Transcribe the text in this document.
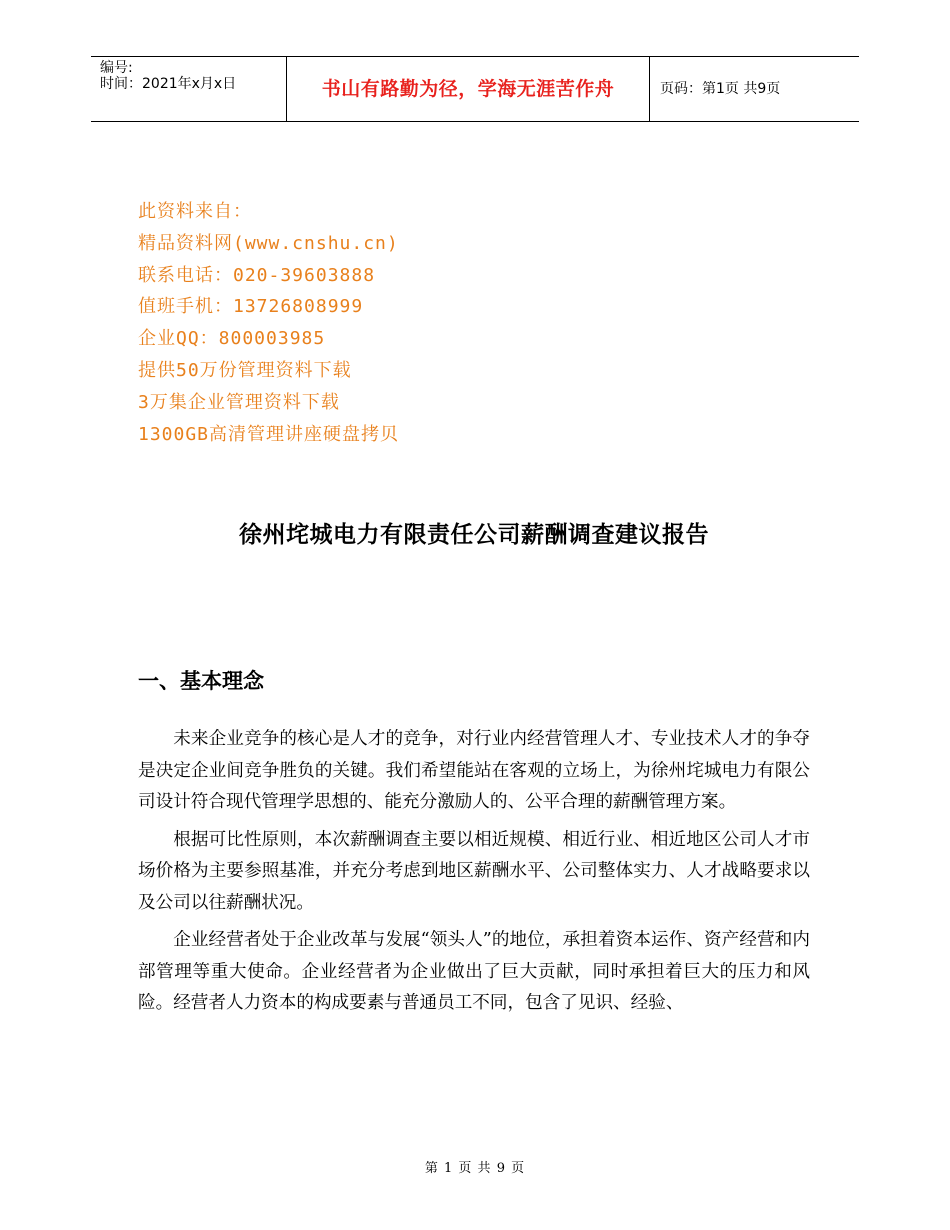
编号:
时间：2021年x月x日	书山有路勤为径，学海无涯苦作舟	页码：第1页 共9页
此资料来自：
精品资料网(www.cnshu.cn)
联系电话：020-39603888
值班手机：13726808999
企业QQ：800003985
提供50万份管理资料下载
3万集企业管理资料下载
1300GB高清管理讲座硬盘拷贝
徐州垞城电力有限责任公司薪酬调查建议报告
一、基本理念

未来企业竞争的核心是人才的竞争，对行业内经营管理人才、专业技术人才的争夺是决定企业间竞争胜负的关键。我们希望能站在客观的立场上，为徐州垞城电力有限公司设计符合现代管理学思想的、能充分激励人的、公平合理的薪酬管理方案。

根据可比性原则，本次薪酬调查主要以相近规模、相近行业、相近地区公司人才市场价格为主要参照基准，并充分考虑到地区薪酬水平、公司整体实力、人才战略要求以及公司以往薪酬状况。

企业经营者处于企业改革与发展“领头人”的地位，承担着资本运作、资产经营和内部管理等重大使命。企业经营者为企业做出了巨大贡献，同时承担着巨大的压力和风险。经营者人力资本的构成要素与普通员工不同，包含了见识、经验、

第 1 页 共 9 页
